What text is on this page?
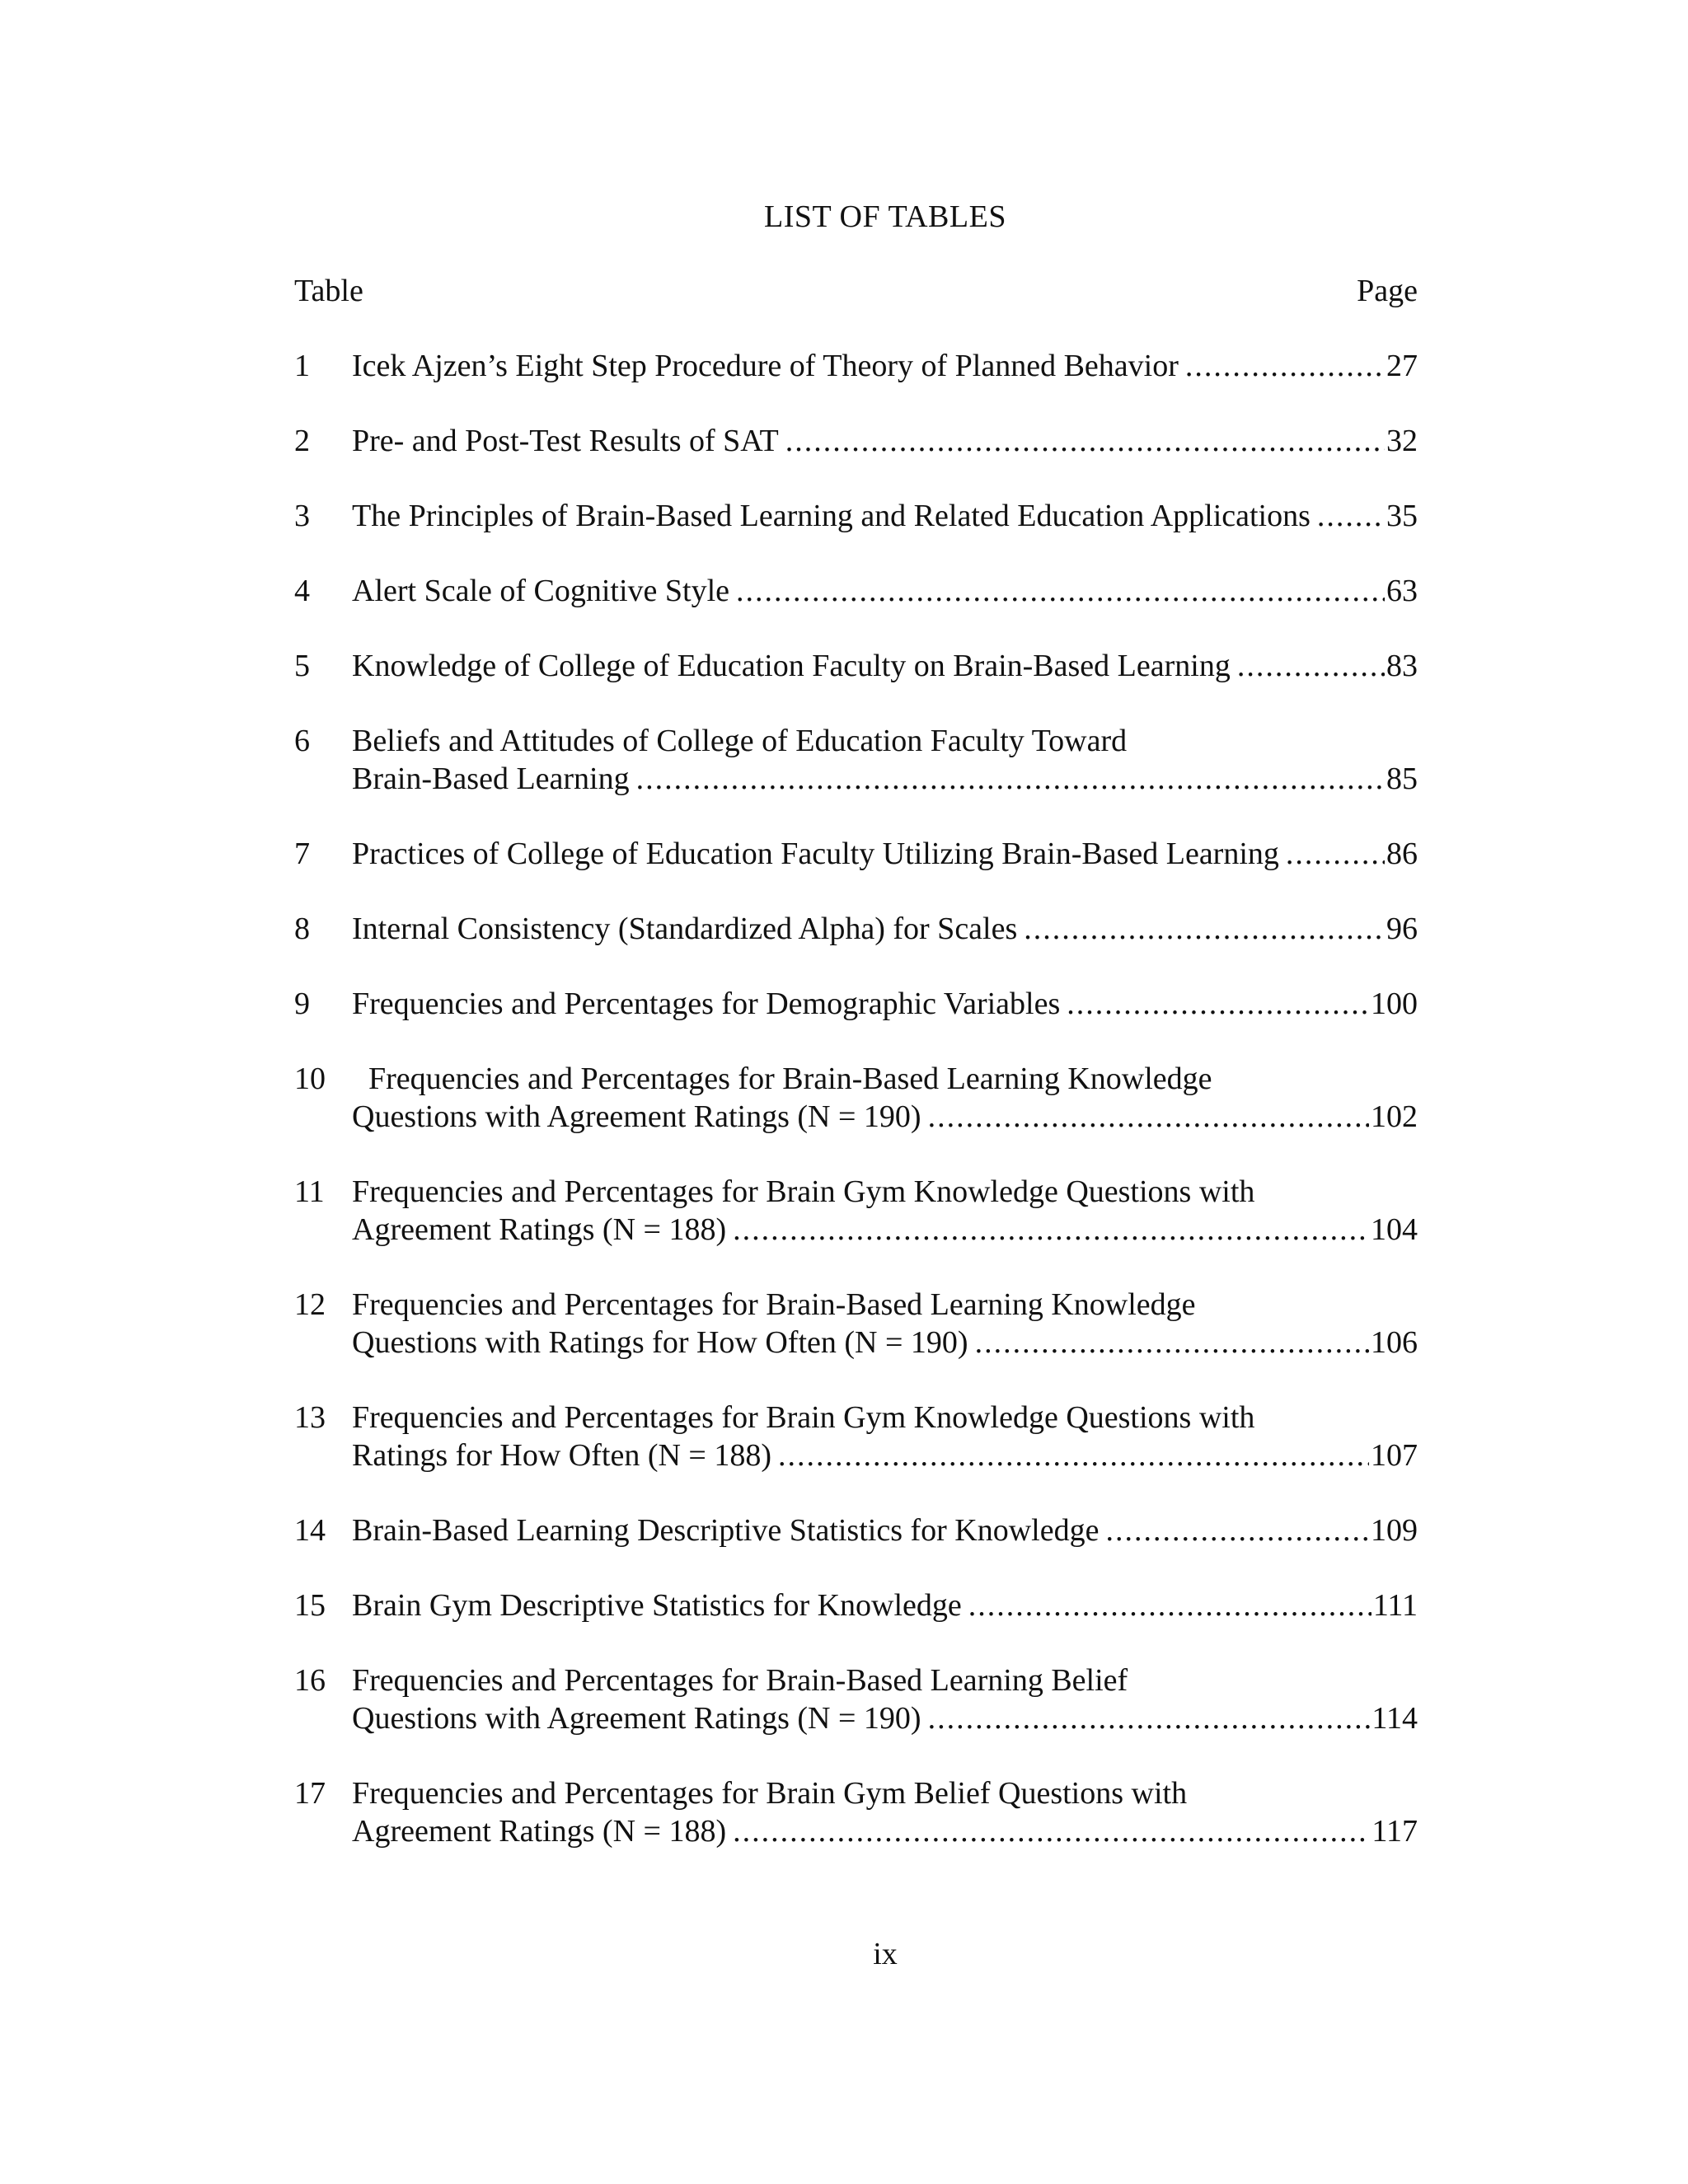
LIST OF TABLES
Table	Page
1	Icek Ajzen’s Eight Step Procedure of Theory of Planned Behavior .....	27
2	Pre- and Post-Test Results of SAT .....	32
3	The Principles of Brain-Based Learning and Related Education Applications ..... 35
4	Alert Scale of Cognitive Style .....	63
5	Knowledge of College of Education Faculty on Brain-Based Learning .....	83
6	Beliefs and Attitudes of College of Education Faculty Toward
Brain-Based Learning .....	85
7	Practices of College of Education Faculty Utilizing Brain-Based Learning .....	86
8	Internal Consistency (Standardized Alpha) for Scales .....	96
9	Frequencies and Percentages for Demographic Variables .....	100
10	Frequencies and Percentages for Brain-Based Learning Knowledge
Questions with Agreement Ratings (N = 190) .....	102
11 Frequencies and Percentages for Brain Gym Knowledge Questions with
Agreement Ratings (N = 188) .....	104
12 Frequencies and Percentages for Brain-Based Learning Knowledge
Questions with Ratings for How Often (N = 190) .....	106
13 Frequencies and Percentages for Brain Gym Knowledge Questions with
Ratings for How Often (N = 188) .....	107
14 Brain-Based Learning Descriptive Statistics for Knowledge .....	109
15 Brain Gym Descriptive Statistics for Knowledge .....	111
16 Frequencies and Percentages for Brain-Based Learning Belief
Questions with Agreement Ratings (N = 190) .....	114
17 Frequencies and Percentages for Brain Gym Belief Questions with
Agreement Ratings (N = 188) .....	117
ix
